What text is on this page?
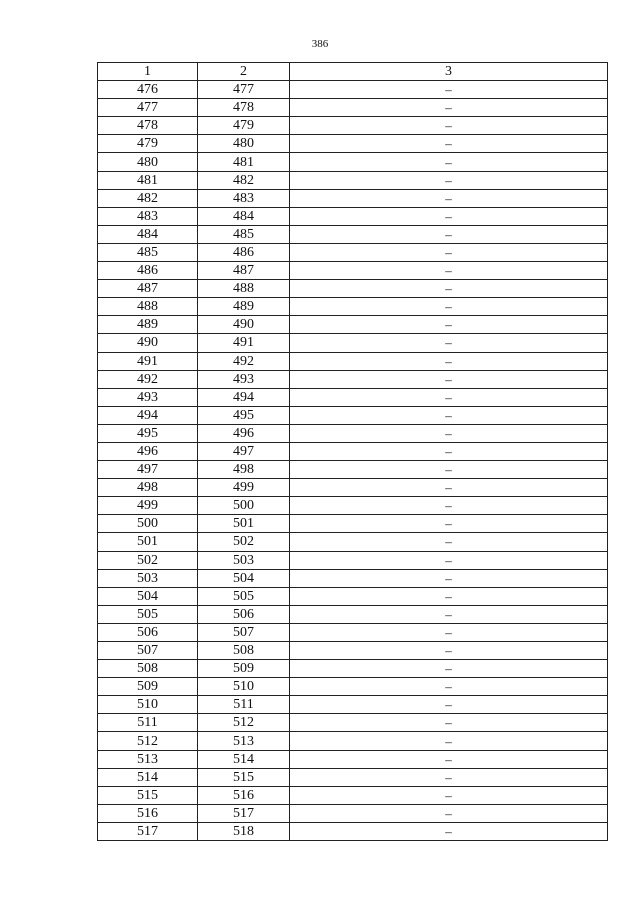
386
1	2	3
476	477	–
477	478	–
478	479	–
479	480	–
480	481	–
481	482	–
482	483	–
483	484	–
484	485	–
485	486	–
486	487	–
487	488	–
488	489	–
489	490	–
490	491	–
491	492	–
492	493	–
493	494	–
494	495	–
495	496	–
496	497	–
497	498	–
498	499	–
499	500	–
500	501	–
501	502	–
502	503	–
503	504	–
504	505	–
505	506	–
506	507	–
507	508	–
508	509	–
509	510	–
510	511	–
511	512	–
512	513	–
513	514	–
514	515	–
515	516	–
516	517	–
517	518	–
